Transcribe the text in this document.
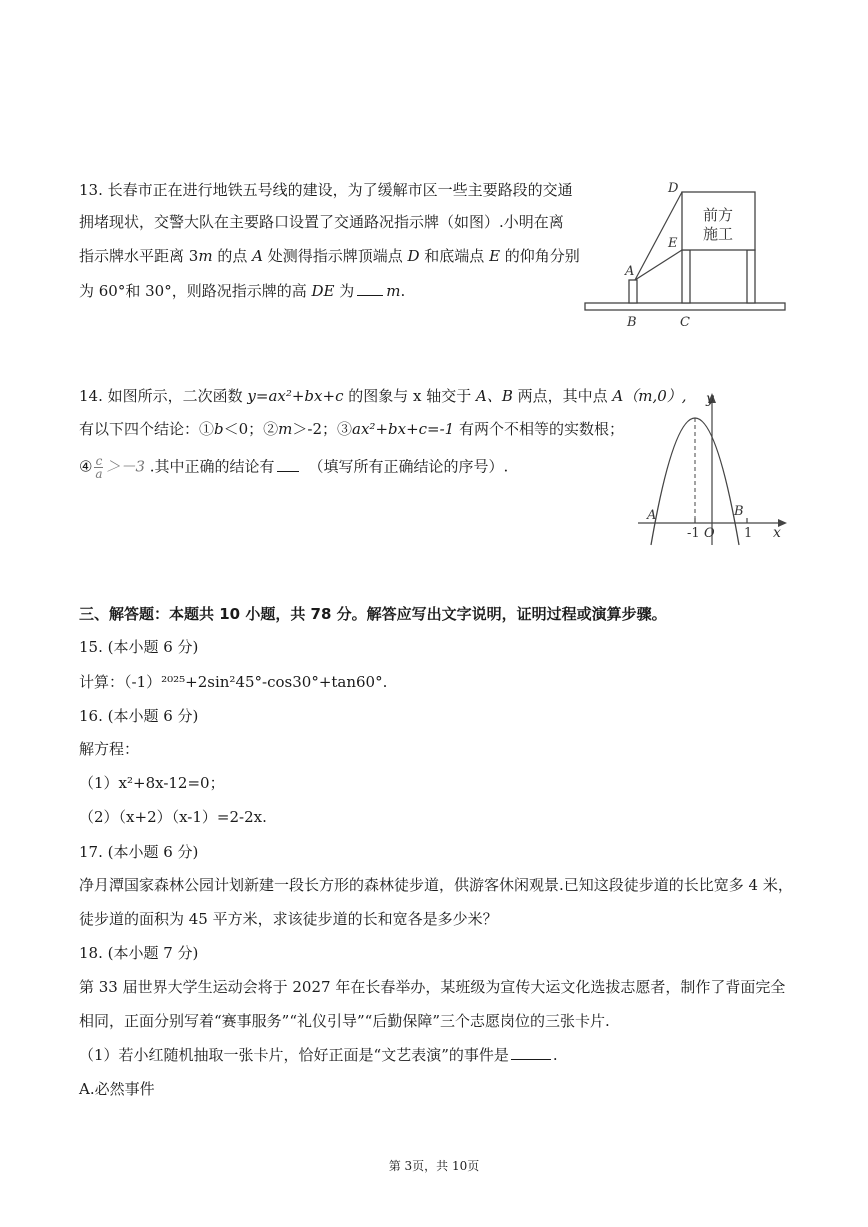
13. 长春市正在进行地铁五号线的建设，为了缓解市区一些主要路段的交通
拥堵现状，交警大队在主要路口设置了交通路况指示牌（如图）.小明在离
指示牌水平距离 3m 的点 A 处测得指示牌顶端点 D 和底端点 E 的仰角分别
为 60°和 30°，则路况指示牌的高 DE 为 m.
前方
施工
D
E
A
B	C
14. 如图所示，二次函数 y=ax²+bx+c 的图象与 x 轴交于 A、B 两点，其中点 A（m,0）,
有以下四个结论：①b＜0；②m＞-2；③ax²+bx+c=-1 有两个不相等的实数根；
④ $\frac{c}{a} >-3$ .其中正确的结论有 （填写所有正确结论的序号）.
y
x
A	B
-1 O 1
三、解答题：本题共 10 小题，共 78 分。解答应写出文字说明，证明过程或演算步骤。
15. (本小题 6 分)
计算：（-1）²⁰²⁵+2sin²45°-cos30°+tan60°.
16. (本小题 6 分)
解方程：
（1）x²+8x-12=0；
（2）（x+2）（x-1）=2-2x.
17. (本小题 6 分)
净月潭国家森林公园计划新建一段长方形的森林徒步道，供游客休闲观景.已知这段徒步道的长比宽多 4 米，
徒步道的面积为 45 平方米，求该徒步道的长和宽各是多少米？
18. (本小题 7 分)
第 33 届世界大学生运动会将于 2027 年在长春举办，某班级为宣传大运文化选拔志愿者，制作了背面完全
相同，正面分别写着“赛事服务”“礼仪引导”“后勤保障”三个志愿岗位的三张卡片.
（1）若小红随机抽取一张卡片，恰好正面是“文艺表演”的事件是	.
A.必然事件
第 3页，共 10页
